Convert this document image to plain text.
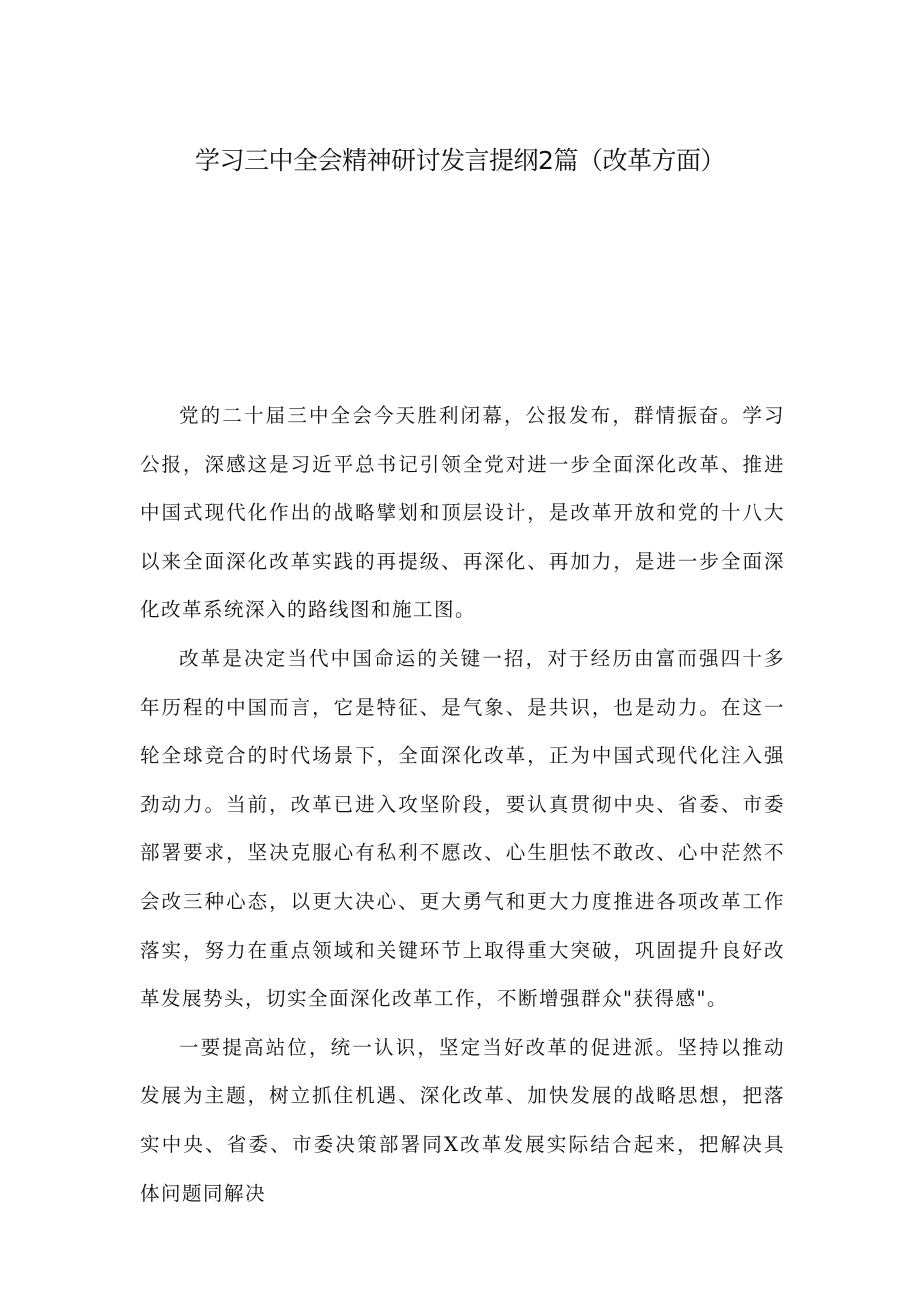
学习三中全会精神研讨发言提纲2篇（改革方面）

党的二十届三中全会今天胜利闭幕，公报发布，群情振奋。学习公报，深感这是习近平总书记引领全党对进一步全面深化改革、推进中国式现代化作出的战略擘划和顶层设计，是改革开放和党的十八大以来全面深化改革实践的再提级、再深化、再加力，是进一步全面深化改革系统深入的路线图和施工图。

改革是决定当代中国命运的关键一招，对于经历由富而强四十多年历程的中国而言，它是特征、是气象、是共识，也是动力。在这一轮全球竞合的时代场景下，全面深化改革，正为中国式现代化注入强劲动力。当前，改革已进入攻坚阶段，要认真贯彻中央、省委、市委部署要求，坚决克服心有私利不愿改、心生胆怯不敢改、心中茫然不会改三种心态，以更大决心、更大勇气和更大力度推进各项改革工作落实，努力在重点领域和关键环节上取得重大突破，巩固提升良好改革发展势头，切实全面深化改革工作，不断增强群众"获得感"。

一要提高站位，统一认识，坚定当好改革的促进派。坚持以推动发展为主题，树立抓住机遇、深化改革、加快发展的战略思想，把落实中央、省委、市委决策部署同X改革发展实际结合起来，把解决具体问题同解决
